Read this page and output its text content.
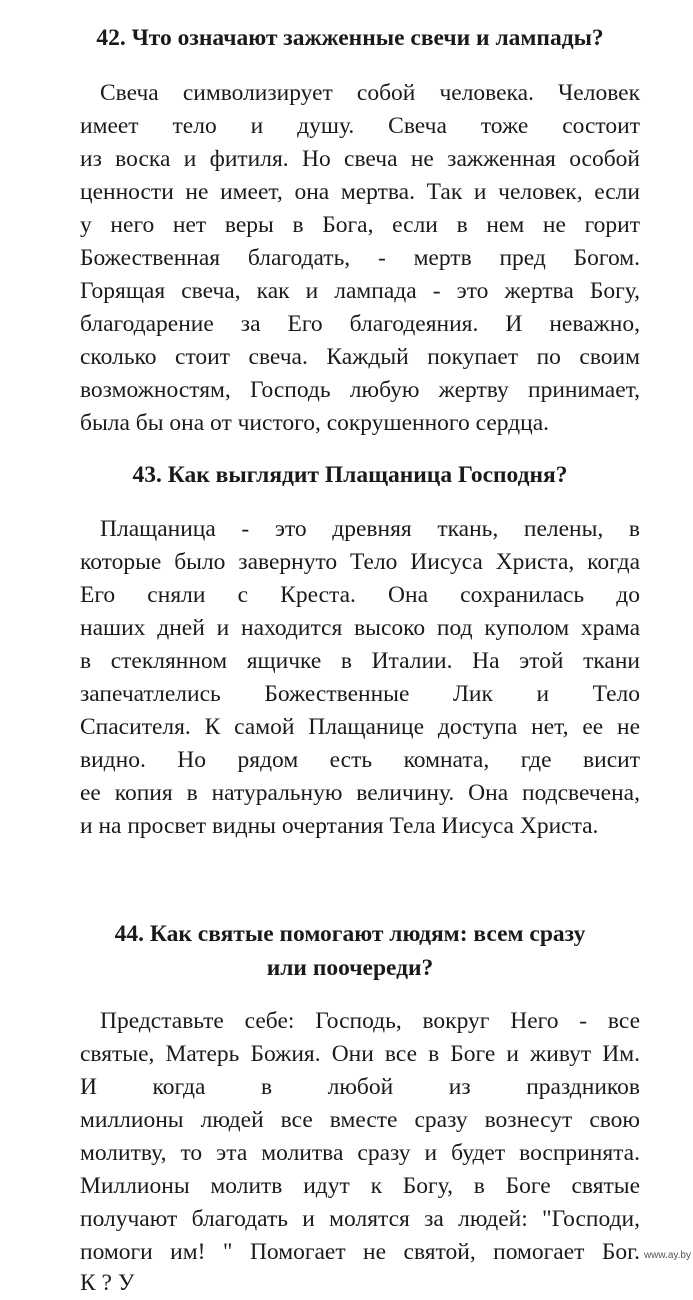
42. Что означают зажженные свечи и лампады?

Свеча символизирует собой человека. Человек

имеет тело и душу. Свеча тоже состоит

из воска и фитиля. Но свеча не зажженная особой

ценности не имеет, она мертва. Так и человек, если

у него нет веры в Бога, если в нем не горит

Божественная благодать, - мертв пред Богом.

Горящая свеча, как и лампада - это жертва Богу,

благодарение за Его благодеяния. И неважно,

сколько стоит свеча. Каждый покупает по своим

возможностям, Господь любую жертву принимает,

была бы она от чистого, сокрушенного сердца.

43. Как выглядит Плащаница Господня?

Плащаница - это древняя ткань, пелены, в

которые было завернуто Тело Иисуса Христа, когда

Его сняли с Креста. Она сохранилась до

наших дней и находится высоко под куполом храма

в стеклянном ящичке в Италии. На этой ткани

запечатлелись Божественные Лик и Тело

Спасителя. К самой Плащанице доступа нет, ее не

видно. Но рядом есть комната, где висит

ее копия в натуральную величину. Она подсвечена,

и на просвет видны очертания Тела Иисуса Христа.

44. Как святые помогают людям: всем сразу
или поочереди?

Представьте себе: Господь, вокруг Него - все

святые, Матерь Божия. Они все в Боге и живут Им.

И когда в любой из праздников

миллионы людей все вместе сразу вознесут свою

молитву, то эта молитва сразу и будет воспринята.

Миллионы молитв идут к Богу, в Боге святые

получают благодать и молятся за людей: "Господи,

помоги им! " Помогает не святой, помогает Бог.

К ? У

www.ay.by
